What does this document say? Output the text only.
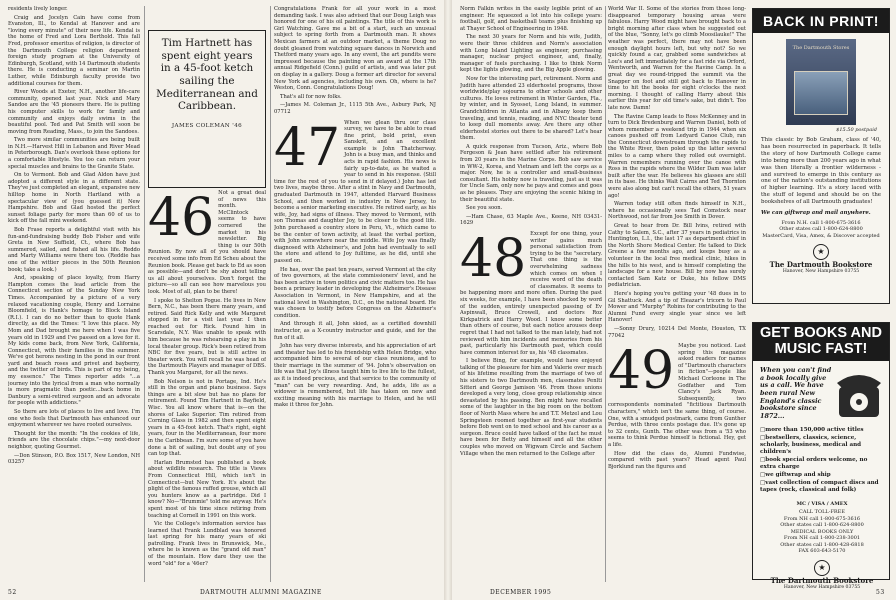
residents lively longer.

Craig and Jocelyn Cain have come from Evanston, Ill., to Kendal at Hanover and are "loving every minute" of their new life. Kendal is the home of Fred and Lora Berthold. This fall Fred, professor emeritus of religion, is director of the Dartmouth College religion department foreign study program at the University of Edinburgh, Scotland, with 14 Dartmouth students there. He is conducting a seminar on Martin Luther, while Edinburgh faculty provide two additional courses for them.

River Woods at Exeter, N.H., another life-care community, opened last year. Nick and Mary Sandoe are the '45 pioneers there. He is putting his computer skills to work for family and community and enjoys daily swims in the beautiful pool. Ted and Pat Smith will soon be moving from Reading, Mass., to join the Sandoes.

Two more similar communities are being built in N.H.—Harvest Hill in Lebanon and River Mead in Peterborough. Dan's overlook these options for a comfortable lifestyle. You too can return your special muscles and brains to the Granite State.

On to Vermont. Bob and Glad Aldon have just adopted a different style in a different state. They've just completed an elegant, expansive new hilltop home in North Hartland with a spectacular view of (you guessed it) New Hampshire. Bob and Glad hosted the perfect sunset foliage party for more than 60 of us to kick off the fall mini weekend.

Bob Frase reports a delightful visit with his fun-and-fundraising buddy Bob Fisher and wife Greta in New Suffield, Ct., where Bob has summered, sailed, and fished all his life. Reddo and Marty Williams were there too. (Reddie has one of the wittier pieces in the 50th Reunion book; take a look.)

And, speaking of place loyalty, from Harry Hampton comes the lead article from the Connecticut section of the Sunday New York Times. Accompanied by a picture of a very relaxed vacationing couple, Henry and Lorraine Bloomfield, is Hank's homage to Block Island (R.I.). I can do no better than to quote Hank directly, as did the Times: "I love this place. My Mom and Dad brought me here when I was five years old in 1929 and I've passed on a love for it. My kids come back, from New York, California, Connecticut, with their families in the summer. We've got herons nesting in the pond in our front yard and beach roses and privet and bayberry, and the twitter of birds. This is part of my being, my essence." The Times reporter adds "...a journey into the lyrical from a man who normally is more pragmatic than poetic...back home in Danbury a semi-retired surgeon and an advocate for people with addictions."

So there are lots of places to live and love. I'm one who feels that Dartmouth has enhanced our enjoyment wherever we have rooted ourselves.

Thought for the month: "In the cookies of life, friends are the chocolate chips."—my next-door neighbor, quoting Gourmet.

—Don Stinson, P.O. Box 1517, New London, NH 03257

Tim Hartnett has spent eight years in a 45-foot ketch sailing the Mediterranean and Caribbean.
JAMES COLEMAN '46
46 Not a great deal of news this month. McClintock seems to have cornered the market in his newsletter. Big thing is our 50th Reunion. By now all of you should have received some info from Ed Scheu about the Reunion book. Please get back to Ed as soon as possible—and don't be shy about telling us all about yourselves. Don't forget the picture—so all can see how marvelous you look. Most of all, plan to be there!

I spoke to Shelton Pogue. He lives in New Bern, N.C., has been there many years, and retired. Said Rick Kelly and wife Margaret stopped in for a visit last year. I then reached out for Rick. Found him in Scarsdale, N.Y. Was unable to speak with him because he was rehearsing a play in his local theater group. Rick's been retired from NBC for five years, but is still active in theater work. You will recall he was head of the Dartmouth Players and manager of DBS. Thank you Margaret, for all the news.

Bob Nelson is not in Portage, Ind. He's still in the organ and piano business. Says things are a bit slow but has no plans for retirement. Found Tim Hartnett in Bayfield, Wisc. You all know where that is—on the shores of Lake Superior. Tim retired from Corning Glass in 1982 and then spent eight years in a 45-foot ketch. That's right, eight years, four in the Mediterranean, four more in the Caribbean. I'm sure some of you have done a bit of sailing, but doubt any of you can top that.

Harlan Brumsted has published a book about wildlife research. The title is Views From Connecticut Hill, which isn't in Connecticut—but New York. It's about the plight of the famous ruffed grouse, which all you hunters know as a partridge. Did I know? No—"Brummie" told me anyway. He's spent most of his time since retiring from teaching at Cornell in 1991 on this work.

Vic the College's information service has learned that Frank Lundblad was honored last spring for his many years of ski patrolling. Frank lives in Brunswick, Me., where he is known as the "grand old man" of the mountain. How dare they use the word "old" for a '46er?

Congratulations Frank for all your work in a most demanding task. I was also advised that our Doug Leigh was honored for one of his oil paintings. The title of this work is Girl Watching. Gave me a bit of a start, such an unusual subject to spring forth from a Dartmouth man. It shows Mexican farmers at an outdoor market, a theme Doug no doubt gleaned from watching square dances in Norwich and Thetford many years ago. In any event, the art pundits were impressed because the painting won an award at the 17th annual Ridgefield (Conn.) guild of artists, and was later put on display in a gallery. Doug a former art director for several New York ad agencies, including his own. Oh, where is he? Weston, Conn. Congratulations Doug!

That's all for now folks.

—James M. Coleman Jr., 1115 5th Ave., Asbury Park, NJ 07712

47 When we glean thru our class survey, we have to be able to read fine print, bold print, even Sanskrit, and an excellent example is John Thatcherway. John is a busy man, and thinks and acts in rapid fashion. His news is fairly up-to-date, as he waited a year to send in his response. (Still time for the rest of you to send in if delayed.) John has led two lives, maybe three. After a stint in Navy and Dartmouth, graduated Dartmouth in 1947, attended Harvard Business School, and then worked in industry in New Jersey, to become a senior marketing executive. He retired early, as his wife, Joy, had signs of illness. They moved to Vermont, with son Thomas and daughter Joy, to be closer to the good life. John purchased a country store in Peru, Vt., which came to be the center of town activity, at least the verbal portion, with John somewhere near the middle. Wife Joy was finally diagnosed with Alzheimer's, and John had eventually to sell the store and attend to Joy fulltime, as he did, until she passed on.

He has, over the past ten years, served Vermont at the city of two governors, at the state commissioners' level, and he has been active in town politics and civic matters too. He has been a primary leader in developing the Alzheimer's Disease Association in Vermont, in New Hampshire, and at the national level in Washington, D.C., on the national board. He was chosen to testify before Congress on the Alzheimer's condition.

And through it all, John skied, as a certified downhill instructor, as a X-country instructor and guide, and for the fun of it all.

John has very diverse interests, and his appreciation of art and theater has led to his friendship with Helen Bridge, who accompanied him to several of our class reunions, and to their marriage in the summer of '94. John's observation on life was that Joy's illness taught him to live life to the fullest, as it is indeed precious, and that service to the community of "man" can be very rewarding. And, he adds, life as a widower is remembered, but life has taken on new and exciting meaning with his marriage to Helen, and he will make it three for John.

52	DARTMOUTH ALUMNI MAGAZINE

Norm Falkin writes in the easily legible print of an engineer. He squeezed a lot into his college years: football, golf, and basketball teams plus finishing up at Thayer School of Engineering in 1948.

The next 30 years for Norm and his wife, Judith, were their three children and Norm's association with Long Island Lighting as engineer, purchasing manager, nuclear project engineer, and, finally, manager of fuels purchasing. I like to think Norm kept the lights glowing, and the Big Apple glowing.

Now for the interesting part, retirement. Norm and Judith have attended 23 elderhostel programs, those worldwide/play sojourns to other schools and other cultures. He loves retirement in Winter Garden, Fla., by winter, and in Syosset, Long Island, in summer. Grandchildren in Atlanta and in Albany keep them traveling, and tennis, reading, and NYC theater tend to keep dull moments away. Are there any other elderhostel stories out there to be shared? Let's hear them.

A quick response from Tucson, Ariz., where Bob Fergeson & Jean have settled after his retirement from 20 years in the Marine Corps. Bob saw service in WW-2, Korea, and Vietnam and left the corps as a major. Now, he is a controller and small-business consultant. His hobby now is traveling, just as it was for Uncle Sam, only now he pays and comes and goes as he pleases. They are enjoying the scenic hiking in their beautiful state.

See you soon.

—Ham Chase, 63 Maple Ave., Keene, NH 03431-1629

48 Except for one thing, your writer gains much personal satisfaction from trying to be the "secretary. That one thing is the overwhelming sadness which comes on when I receive word of the death of classmates. It seems to be happening more and more often. During the past six weeks, for example, I have been shocked by word of the sudden, entirely unexpected passing of Ev Aspinwall, Bruce Crowell, and doctors Roz Kirkpatrick and Harry Wood. I know some better than others of course, but each notice arouses deep regret that I had not talked to the man lately, had not reviewed with him incidents and memories from his past, particularly his Dartmouth past, which could have common interest for us, his '48 classmates.

I believe Bing, for example, would have enjoyed talking of the pleasure for him and Valerie over much of his lifetime resulting from the marriage of two of his sisters to two Dartmouth men, classmates Penlti Sitteri and George Jamison '46. From those unions developed a very long, close group relationship since devastated by his passing. Ben might have recalled some of the laughter in the big room on the bottom floor of North Mass where he and T.T. Metzel and Lou Springsteen roomed together as first-year students before Bob went on to med school and his career as a surgeon. Bruce could have talked of the fact he must have been for Betty and himself and all the other couples who moved on Wigwam Circle and Sachem Village when the men returned to the College after

World War II. Some of the stories from those long-disappeared temporary housing areas were fabulous. Harry Wood might have brought back to a bright morning after class when he suggested out of the blue, "Sonny, let's go climb Moosilauke!" The weather was perfect, there may not have been enough daylight hours left, but why not? So we quickly found a car, grabbed some sandwiches at Lou's and left immediately for a fast ride via Orford, Wentworth, and Warren for the Ravine Camp. In a great day we round-tripped the summit via the Snapper on foot and still got back to Hanover in time to hit the books for eight o'clocks the next morning. I thought of calling Harry about this earlier this year for old time's sake, but didn't. Too late now. Damn!

The Ravine Camp leads to Ross McKenney and in turn to Dick Bredenburg and Warren Daniel, both of whom remember a weekend trip in 1944 when six canoes pushed off from Ledyard Canoe Club, ran the Connecticut downstream through the rapids to the White River, then poled up the latter several miles to a camp where they rolled out overnight. Warren remembers running over the canoe with Ross in the rapids where the Wilder Dam was later built after the war. He believes his glasses are still in its base. He thinks Walt Cairns and Ted Thornton were also along but can't recall the others, 51 years ago!

Warren today still often finds himself in N.H., where he occasionally sees Tad Comstock near Northwood, not far from Joe Smith in Dover.

Great to hear from Dr. Bill Ivins, retired with Cathy to Salem, S.C., after 37 years in pediatrics in Huntington, L.I., the last 17 as department chief in the North Shore Medical Center. He talked to Dick Greene a few months ago, and keeps busy as a volunteer in the local free medical clinic, hikes in the hills to his west, and is himself completing the landscape for a new house. Bill by now has surely contacted Sam Katz or Duke, his fellow DMS pediatrician.

Here's hoping you're getting your '48 dues in to Gil Shattuck. And a tip of Eleazar's tricorn to Paul Mower and "Murphy" Robins for contributing to the Alumni Fund every single year since we left Hanover!

—Sonny Drury, 10214 Del Monte, Houston, TX 77042

49 Maybe you noticed. Last spring this magazine asked readers for names of "Dartmouth characters in fiction"—people like Michael Corleone in The Godfather and Tom Clancy's Jack Ryan. Subsequently, two correspondents nominated "fictitious Dartmouth characters," which isn't the same thing, of course. One, with a smudged postmark, came from Gunther Perdue, with three cents postage due. It's gone up to 32 cents, Gunth. The other was from a '53 who seems to think Perdue himself is fictional. Hey, get a life.

How did the class do, Alumni Fundwise, compared with past years? Head agent Paul Bjorklund ran the figures and

BACK IN PRINT!
The Dartmouth Stores
$15.50 postpaid
This classic by Bob Graham, class of '40, has been resurrected in paperback. It tells the story of how Dartmouth College came into being more than 200 years ago in what was then literally a frontier wilderness - and survived to emerge in this century as one of the nation's outstanding institutions of higher learning. It's a story laced with the stuff of legend and should be on the bookshelves of all Dartmouth graduates!
We can giftwrap and mail anywhere.
From N.H. call 1-800-675-3616
Other states call 1-800-624-8800
MasterCard, Visa, Amex, & Discover accepted
★
The Dartmouth Bookstore
Hanover, New Hampshire 03755
GET BOOKS AND
MUSIC FAST!
When you can't find a book locally give us a call. We have been rural New England's classic bookstore since 1872...
□ more than 150,000 active titles
□ bestsellers, classics, science, scholarly, business, medical and children's
□ book special orders welcome, no extra charge
□ we giftwrap and ship
□ vast collection of compact discs and tapes (rock, classical and folk)
MC / VISA / AMEX
CALL TOLL-FREE
From NH call 1-800-675-3616
Other states call 1-800-624-8800
MEDICAL BOOKS ONLY
From NH call 1-800-238-3001
Other states call 1-800-428-6818
FAX 603-643-5170
★
The Dartmouth Bookstore
Hanover, New Hampshire 03755
DECEMBER 1995	53
